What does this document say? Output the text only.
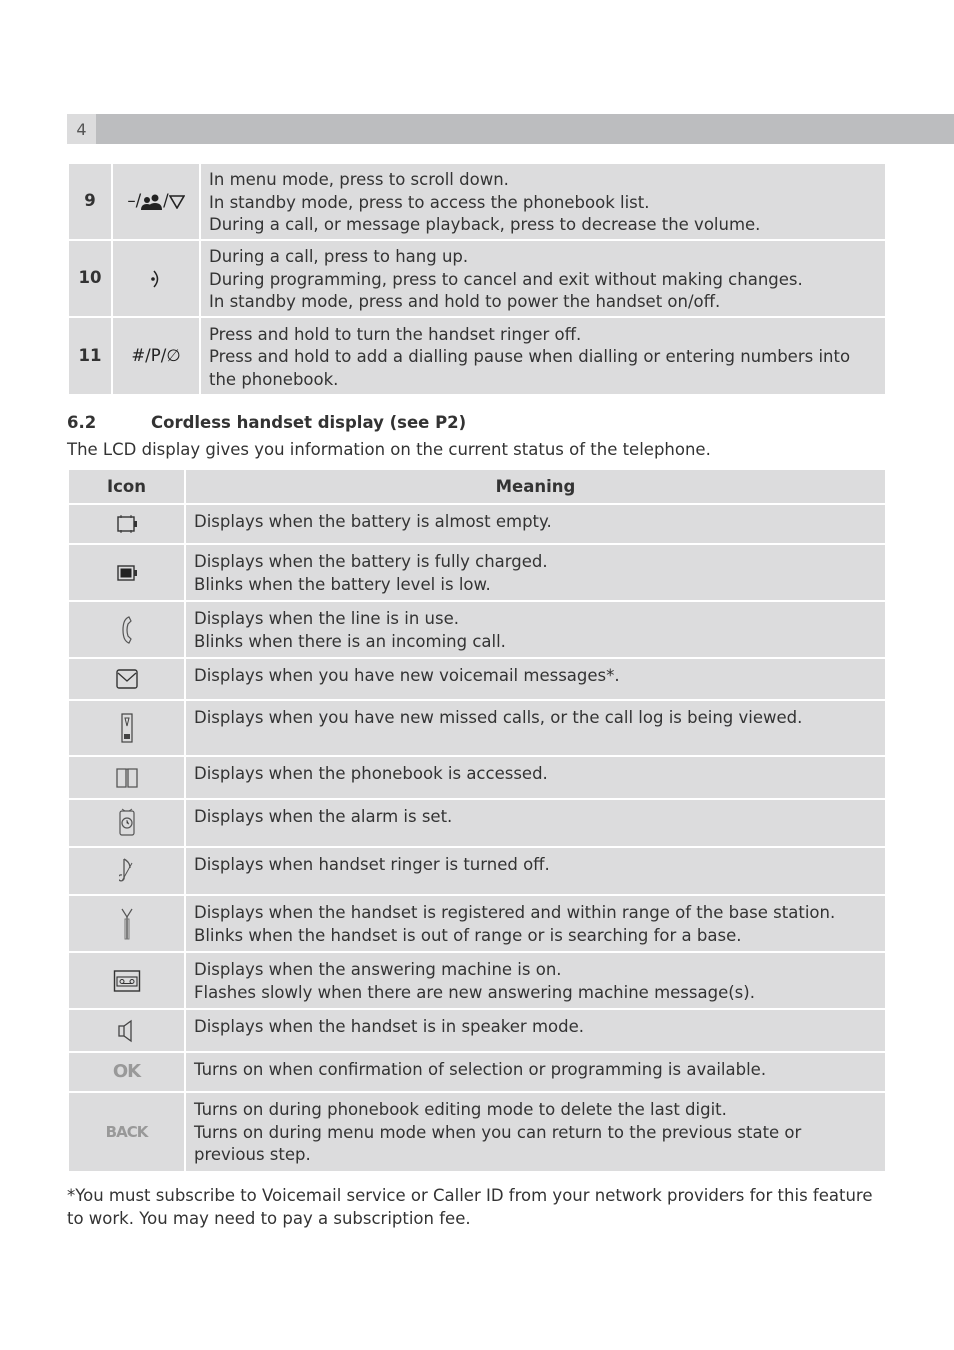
4
9	–/ /	In menu mode, press to scroll down.
In standby mode, press to access the phonebook list.
During a call, or message playback, press to decrease the volume.

10		During a call, press to hang up.
During programming, press to cancel and exit without making changes.
In standby mode, press and hold to power the handset on/off.

11	#/P/∅	Press and hold to turn the handset ringer off.
Press and hold to add a dialling pause when dialling or entering numbers into the phonebook.
6.2	Cordless handset display (see P2)
The LCD display gives you information on the current status of the telephone.
Icon	Meaning

Displays when the battery is almost empty.

Displays when the battery is fully charged.
Blinks when the battery level is low.

Displays when the line is in use.
Blinks when there is an incoming call.

Displays when you have new voicemail messages*.

Displays when you have new missed calls, or the call log is being viewed.

Displays when the phonebook is accessed.

Displays when the alarm is set.

Displays when handset ringer is turned off.

Displays when the handset is registered and within range of the base station.
Blinks when the handset is out of range or is searching for a base.

Displays when the answering machine is on.
Flashes slowly when there are new answering machine message(s).

Displays when the handset is in speaker mode.

OK	Turns on when confirmation of selection or programming is available.

BACK	Turns on during phonebook editing mode to delete the last digit.
Turns on during menu mode when you can return to the previous state or previous step.
*You must subscribe to Voicemail service or Caller ID from your network providers for this feature to work. You may need to pay a subscription fee.
